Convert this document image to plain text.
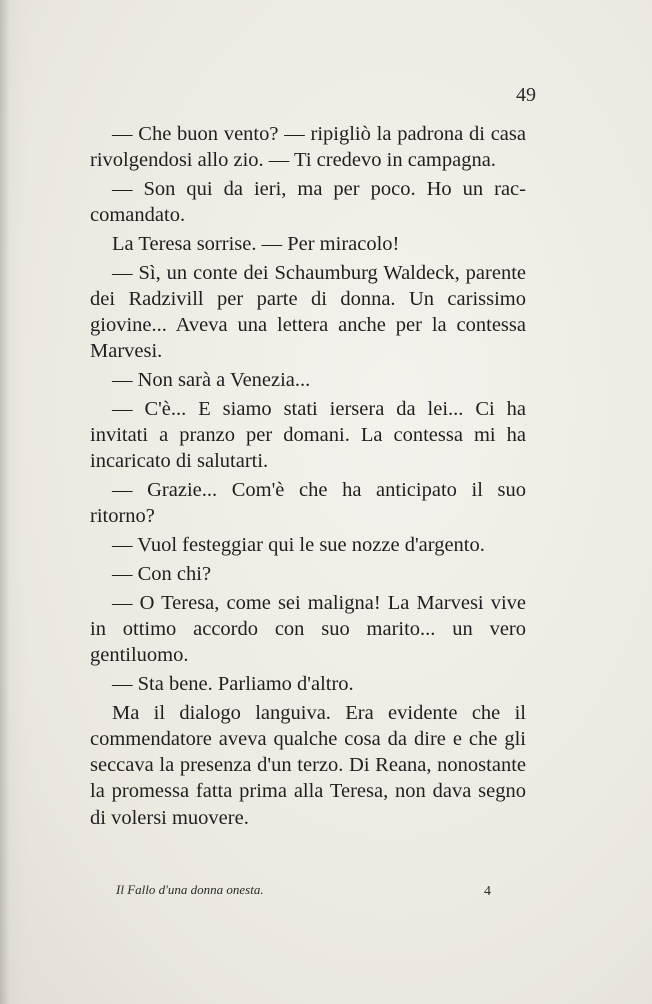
49

— Che buon vento? — ripigliò la padrona di casa rivolgendosi allo zio. — Ti credevo in campagna.

— Son qui da ieri, ma per poco. Ho un raccomandato.

La Teresa sorrise. — Per miracolo!

— Sì, un conte dei Schaumburg Waldeck, parente dei Radzivill per parte di donna. Un carissimo giovine... Aveva una lettera anche per la contessa Marvesi.

— Non sarà a Venezia...

— C'è... E siamo stati iersera da lei... Ci ha invitati a pranzo per domani. La contessa mi ha incaricato di salutarti.

— Grazie... Com'è che ha anticipato il suo ritorno?

— Vuol festeggiar qui le sue nozze d'argento.

— Con chi?

— O Teresa, come sei maligna! La Marvesi vive in ottimo accordo con suo marito... un vero gentiluomo.

— Sta bene. Parliamo d'altro.

Ma il dialogo languiva. Era evidente che il commendatore aveva qualche cosa da dire e che gli seccava la presenza d'un terzo. Di Reana, nonostante la promessa fatta prima alla Teresa, non dava segno di volersi muovere.

Il Fallo d'una donna onesta.	4
